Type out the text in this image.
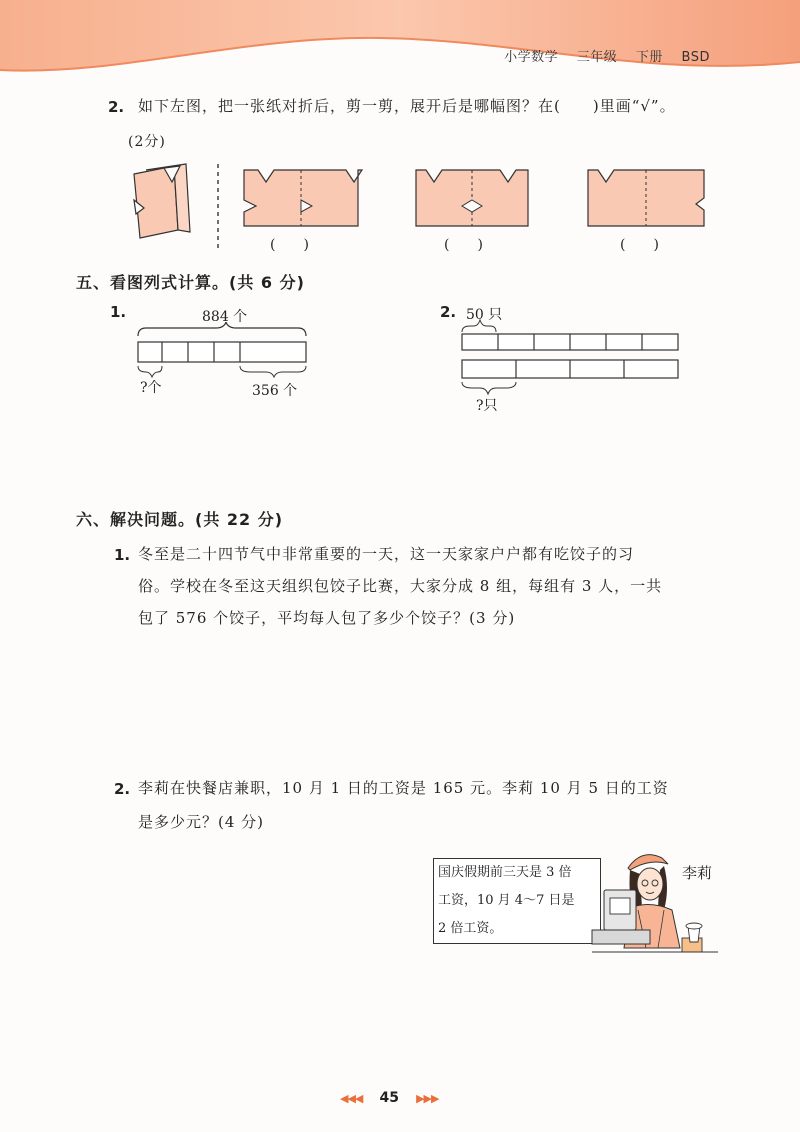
小学数学 三年级 下册 BSD
2. 如下左图，把一张纸对折后，剪一剪，展开后是哪幅图？在(　　)里画“√”。
(2分)
(　　)	(　　)	(　　)
五、看图列式计算。(共 6 分)
1.	2.
884 个
?个	356 个
50 只
?只
六、解决问题。(共 22 分)
1. 冬至是二十四节气中非常重要的一天，这一天家家户户都有吃饺子的习
俗。学校在冬至这天组织包饺子比赛，大家分成 8 组，每组有 3 人，一共
包了 576 个饺子，平均每人包了多少个饺子？(3 分)
2. 李莉在快餐店兼职，10 月 1 日的工资是 165 元。李莉 10 月 5 日的工资
是多少元？(4 分)
国庆假期前三天是 3 倍
工资，10 月 4～7 日是
2 倍工资。
李莉
◀◀◀ 45 ▶▶▶
